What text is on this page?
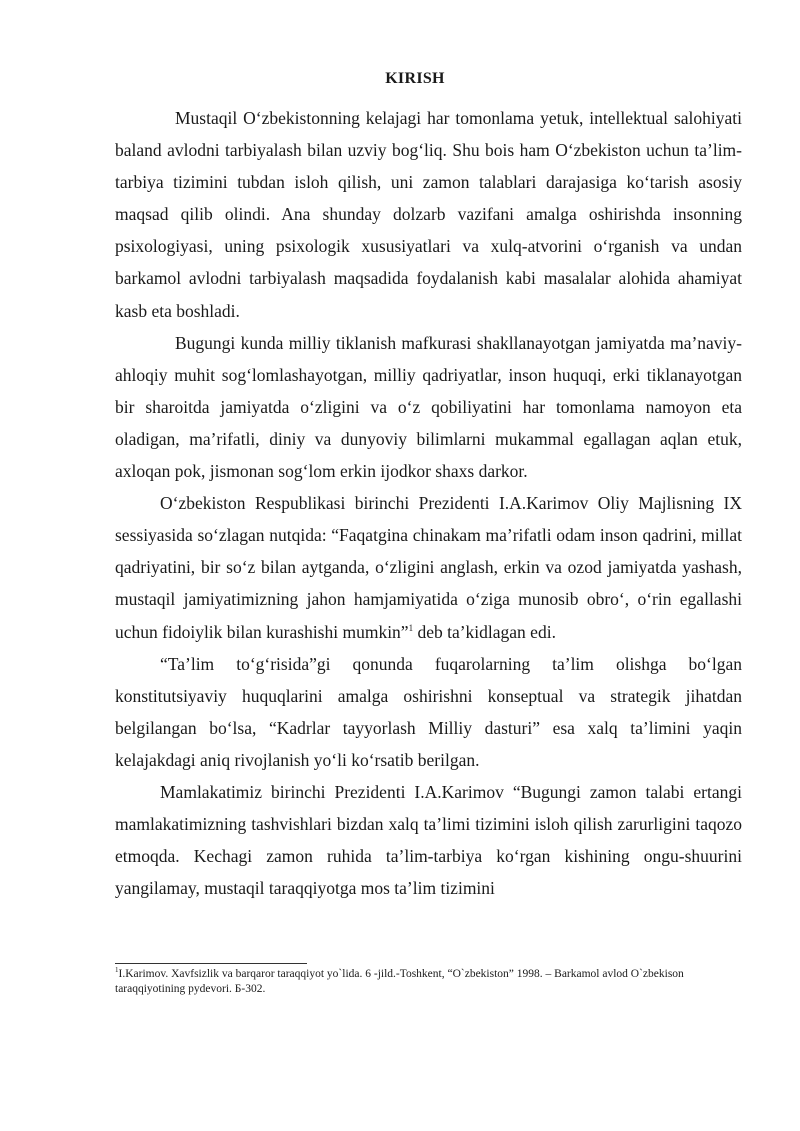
KIRISH

Mustaqil O‘zbekistonning kelajagi har tomonlama yetuk, intellektual salohiyati baland avlodni tarbiyalash bilan uzviy bog‘liq. Shu bois ham O‘zbekiston uchun ta’lim-tarbiya tizimini tubdan isloh qilish, uni zamon talablari darajasiga ko‘tarish asosiy maqsad qilib olindi. Ana shunday dolzarb vazifani amalga oshirishda insonning psixologiyasi, uning psixologik xususiyatlari va xulq-atvorini o‘rganish va undan barkamol avlodni tarbiyalash maqsadida foydalanish kabi masalalar alohida ahamiyat kasb eta boshladi.

Bugungi kunda milliy tiklanish mafkurasi shakllanayotgan jamiyatda ma’naviy-ahloqiy muhit sog‘lomlashayotgan, milliy qadriyatlar, inson huquqi, erki tiklanayotgan bir sharoitda jamiyatda o‘zligini va o‘z qobiliyatini har tomonlama namoyon eta oladigan, ma’rifatli, diniy va dunyoviy bilimlarni mukammal egallagan aqlan etuk, axloqan pok, jismonan sog‘lom erkin ijodkor shaxs darkor.

O‘zbekiston Respublikasi birinchi Prezidenti I.A.Karimov Oliy Majlisning IX sessiyasida so‘zlagan nutqida: “Faqatgina chinakam ma’rifatli odam inson qadrini, millat qadriyatini, bir so‘z bilan aytganda, o‘zligini anglash, erkin va ozod jamiyatda yashash, mustaqil jamiyatimizning jahon hamjamiyatida o‘ziga munosib obro‘, o‘rin egallashi uchun fidoiylik bilan kurashishi mumkin”$^1$ deb ta’kidlagan edi.

“Ta’lim to‘g‘risida”gi qonunda fuqarolarning ta’lim olishga bo‘lgan konstitutsiyaviy huquqlarini amalga oshirishni konseptual va strategik jihatdan belgilangan bo‘lsa, “Kadrlar tayyorlash Milliy dasturi” esa xalq ta’limini yaqin kelajakdagi aniq rivojlanish yo‘li ko‘rsatib berilgan.

Mamlakatimiz birinchi Prezidenti I.A.Karimov “Bugungi zamon talabi ertangi mamlakatimizning tashvishlari bizdan xalq ta’limi tizimini isloh qilish zarurligini taqozo etmoqda. Kechagi zamon ruhida ta’lim-tarbiya ko‘rgan kishining ongu-shuurini yangilamay, mustaqil taraqqiyotga mos ta’lim tizimini

$^1$I.Karimov. Xavfsizlik va barqaror taraqqiyot yo`lida. 6 -jild.-Toshkent, “O`zbekiston” 1998. – Barkamol avlod O`zbekison taraqqiyotining pydevori. Б-302.
